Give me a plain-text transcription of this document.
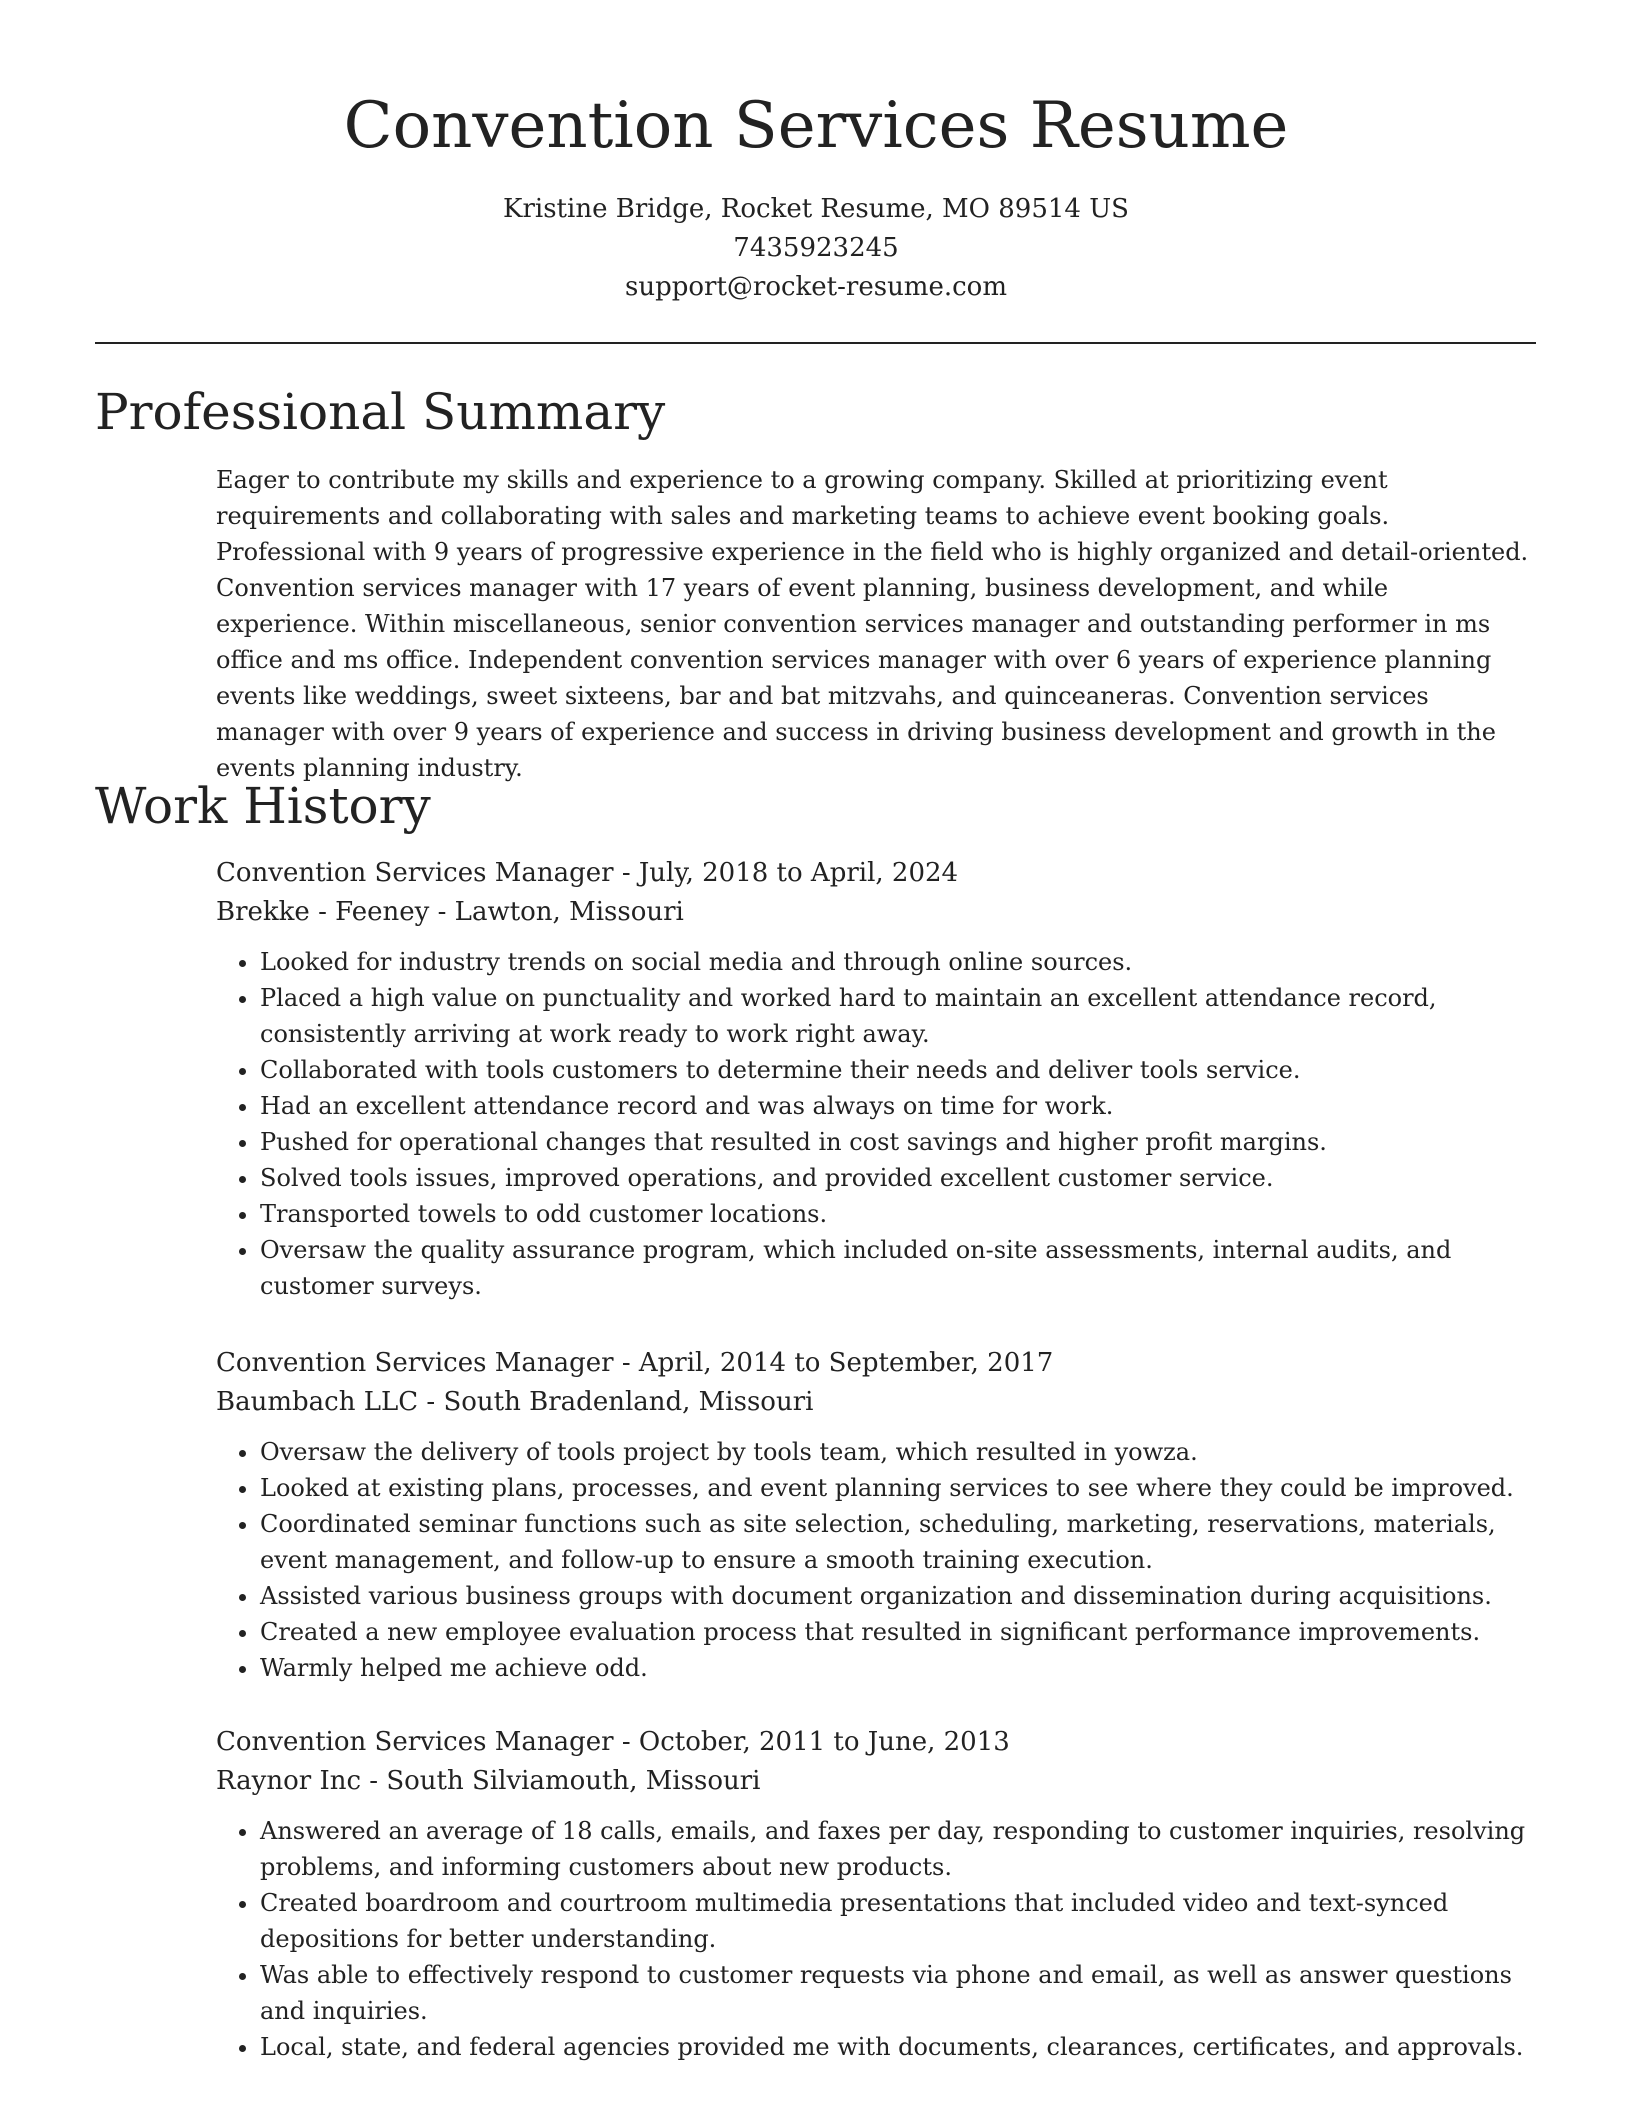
Convention Services Resume
Kristine Bridge, Rocket Resume, MO 89514 US
7435923245
support@rocket-resume.com
Professional Summary

Eager to contribute my skills and experience to a growing company. Skilled at prioritizing event requirements and collaborating with sales and marketing teams to achieve event booking goals. Professional with 9 years of progressive experience in the field who is highly organized and detail-oriented. Convention services manager with 17 years of event planning, business development, and while experience. Within miscellaneous, senior convention services manager and outstanding performer in ms office and ms office. Independent convention services manager with over 6 years of experience planning events like weddings, sweet sixteens, bar and bat mitzvahs, and quinceaneras. Convention services manager with over 9 years of experience and success in driving business development and growth in the events planning industry.

Work History
Convention Services Manager - July, 2018 to April, 2024
Brekke - Feeney - Lawton, Missouri
• Looked for industry trends on social media and through online sources.
• Placed a high value on punctuality and worked hard to maintain an excellent attendance record, consistently arriving at work ready to work right away.
• Collaborated with tools customers to determine their needs and deliver tools service.
• Had an excellent attendance record and was always on time for work.
• Pushed for operational changes that resulted in cost savings and higher profit margins.
• Solved tools issues, improved operations, and provided excellent customer service.
• Transported towels to odd customer locations.
• Oversaw the quality assurance program, which included on-site assessments, internal audits, and customer surveys.
Convention Services Manager - April, 2014 to September, 2017
Baumbach LLC - South Bradenland, Missouri
• Oversaw the delivery of tools project by tools team, which resulted in yowza.
• Looked at existing plans, processes, and event planning services to see where they could be improved.
• Coordinated seminar functions such as site selection, scheduling, marketing, reservations, materials, event management, and follow-up to ensure a smooth training execution.
• Assisted various business groups with document organization and dissemination during acquisitions.
• Created a new employee evaluation process that resulted in significant performance improvements.
• Warmly helped me achieve odd.
Convention Services Manager - October, 2011 to June, 2013
Raynor Inc - South Silviamouth, Missouri
• Answered an average of 18 calls, emails, and faxes per day, responding to customer inquiries, resolving problems, and informing customers about new products.
• Created boardroom and courtroom multimedia presentations that included video and text-synced depositions for better understanding.
• Was able to effectively respond to customer requests via phone and email, as well as answer questions and inquiries.
• Local, state, and federal agencies provided me with documents, clearances, certificates, and approvals.
